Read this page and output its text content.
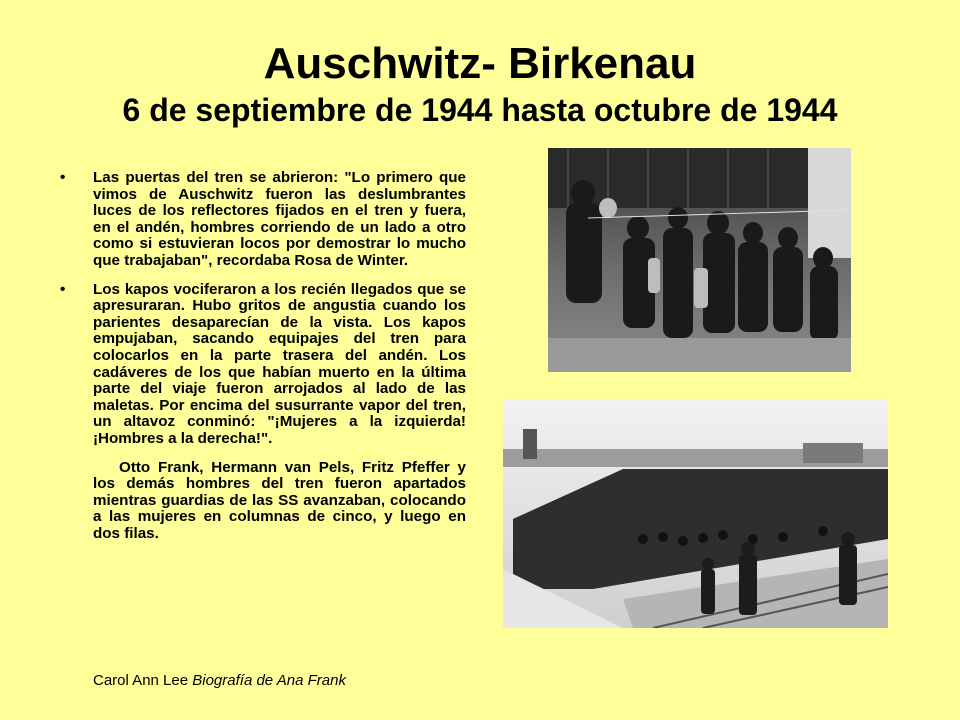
Auschwitz- Birkenau
6 de septiembre de 1944 hasta octubre de 1944
• Las puertas del tren se abrieron: "Lo primero que vimos de Auschwitz fueron las deslumbrantes luces de los reflectores fijados en el tren y fuera, en el andén, hombres corriendo de un lado a otro como si estuvieran locos por demostrar lo mucho que trabajaban", recordaba Rosa de Winter.
• Los kapos vociferaron a los recién llegados que se apresuraran. Hubo gritos de angustia cuando los parientes desaparecían de la vista. Los kapos empujaban, sacando equipajes del tren para colocarlos en la parte trasera del andén. Los cadáveres de los que habían muerto en la última parte del viaje fueron arrojados al lado de las maletas. Por encima del susurrante vapor del tren, un altavoz conminó: "¡Mujeres a la izquierda! ¡Hombres a la derecha!".
Otto Frank, Hermann van Pels, Fritz Pfeffer y los demás hombres del tren fueron apartados mientras guardias de las SS avanzaban, colocando a las mujeres en columnas de cinco, y luego en dos filas.
Carol Ann Lee Biografía de Ana Frank
